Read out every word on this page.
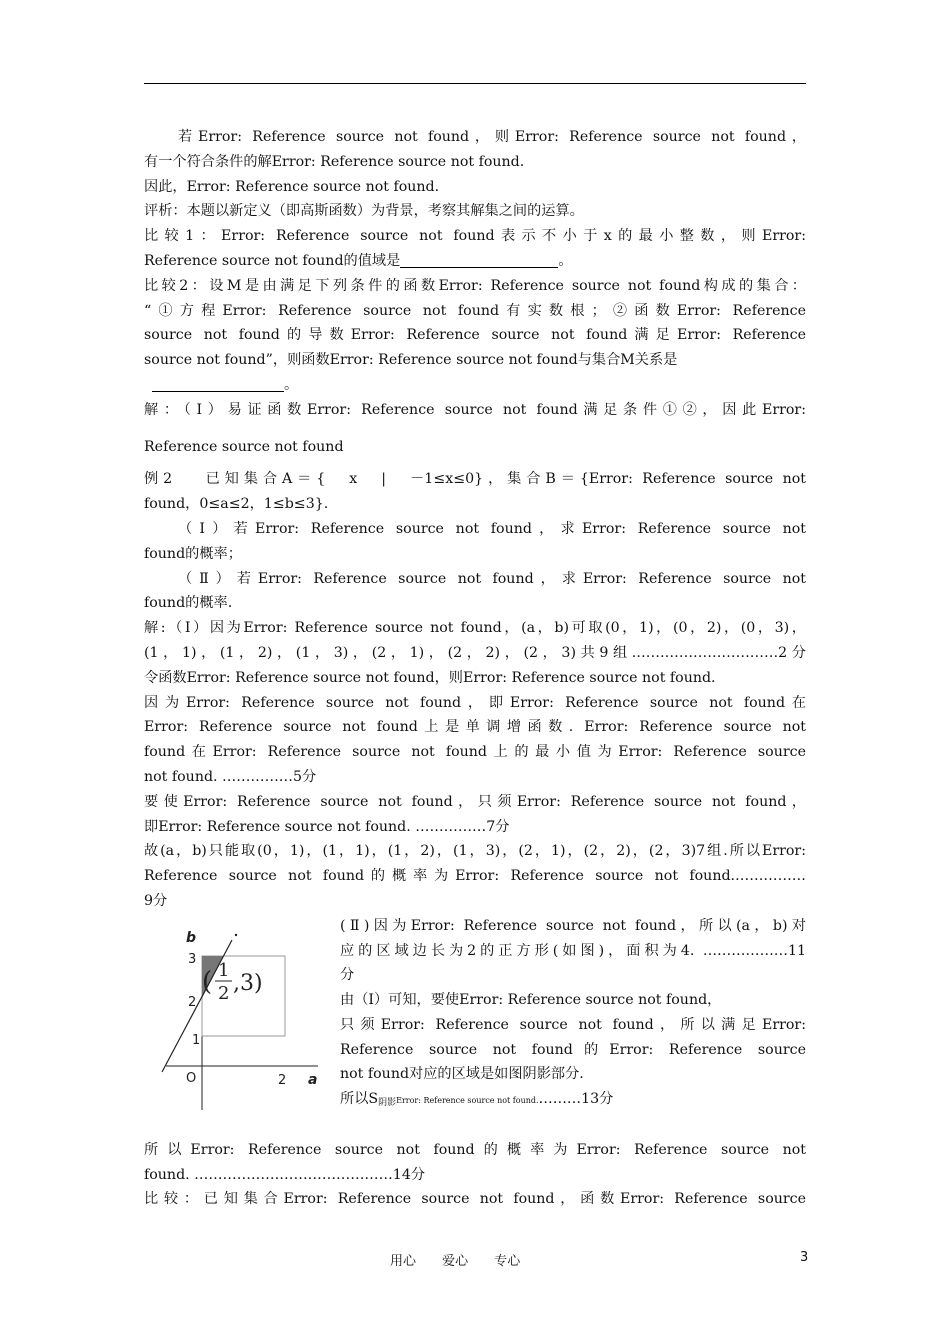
若Error: Reference source not found，则Error: Reference source not found，
有一个符合条件的解Error: Reference source not found.
因此，Error: Reference source not found.
评析：本题以新定义（即高斯函数）为背景，考察其解集之间的运算。
比较1：Error: Reference source not found表示不小于x的最小整数，则Error:
Reference source not found的值域是	。
比较2：设M是由满足下列条件的函数Error: Reference source not found构成的集合：
“①方程Error: Reference source not found有实数根；②函数Error: Reference
source not found的导数Error: Reference source not found满足Error: Reference
source not found”，则函数Error: Reference source not found与集合M关系是
。
解：（Ⅰ）易证函数Error: Reference source not found满足条件①②，因此Error:
Reference source not found
例2　 已知集合A＝{　x　|　－1≤x≤0}，集合B＝{Error: Reference source not
found，0≤a≤2，1≤b≤3}.
（Ⅰ）若Error: Reference source not found，求Error: Reference source not
found的概率；
（Ⅱ）若Error: Reference source not found，求Error: Reference source not
found的概率.
解:（Ⅰ）因为Error: Reference source not found，(a，b)可取(0，1)，(0，2)，(0，3)，
(1，1)，(1，2)，(1，3)，(2，1)，(2，2)，(2，3)共9组.…………………………2分
令函数Error: Reference source not found，则Error: Reference source not found.
因为Error: Reference source not found，即Error: Reference source not found在
Error: Reference source not found上是单调增函数. Error: Reference source not
found在Error: Reference source not found上的最小值为Error: Reference source
not found. ……………5分
要使Error: Reference source not found，只须Error: Reference source not found，
即Error: Reference source not found. ……………7分
故(a，b)只能取(0，1)，(1，1)，(1，2)，(1，3)，(2，1)，(2，2)，(2，3)7组.所以Error:
Reference source not found的概率为Error: Reference source not found.……………
9分
b
a
O
3
2
1
2
( 1
2 ,3)
(Ⅱ)因为Error: Reference source not found，所以(a，b)对
应的区域边长为2的正方形(如图)，面积为4. ………………11
分
由（Ⅰ）可知，要使Error: Reference source not found，
只须Error: Reference source not found，所以满足Error:
Reference source not found的Error: Reference source
not found对应的区域是如图阴影部分.
所以$S_{阴影}Error$: Reference source not found.………13分
所以Error: Reference source not found的概率为Error: Reference source not
found. ……………………………………14分
比较：已知集合Error: Reference source not found，函数Error: Reference source
用心 爱心 专心	3
